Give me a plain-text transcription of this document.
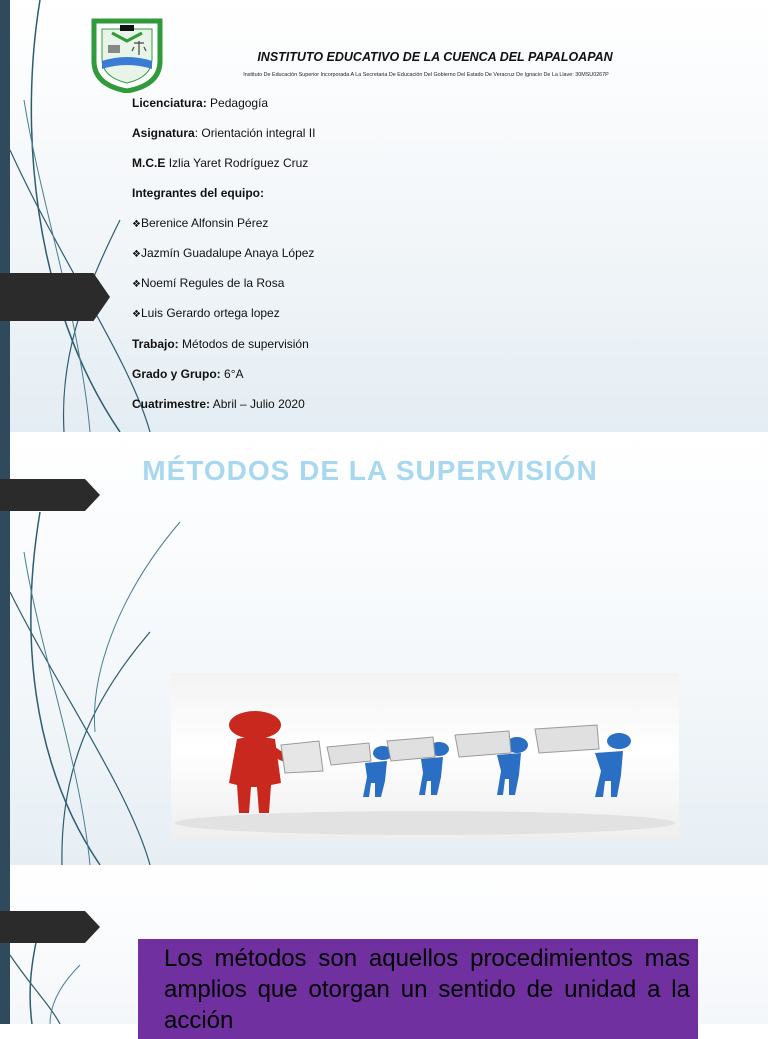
INSTITUTO EDUCATIVO DE LA CUENCA DEL PAPALOAPAN
Instituto De Educación Superior Incorporada A La Secretaria De Educación Del Gobierno Del Estado De Veracruz De Ignacio De La Llave: 30MSU0267P
Licenciatura: Pedagogía
Asignatura: Orientación integral II
M.C.E Izlia Yaret Rodríguez Cruz
Integrantes del equipo:
❖Berenice Alfonsin Pérez
❖Jazmín Guadalupe Anaya López
❖Noemí Regules de la Rosa
❖Luis Gerardo ortega lopez
Trabajo: Métodos de supervisión
Grado y Grupo: 6°A
Cuatrimestre: Abril – Julio 2020
MÉTODOS DE LA SUPERVISIÓN
Los métodos son aquellos procedimientos mas amplios que otorgan un sentido de unidad a la acción
